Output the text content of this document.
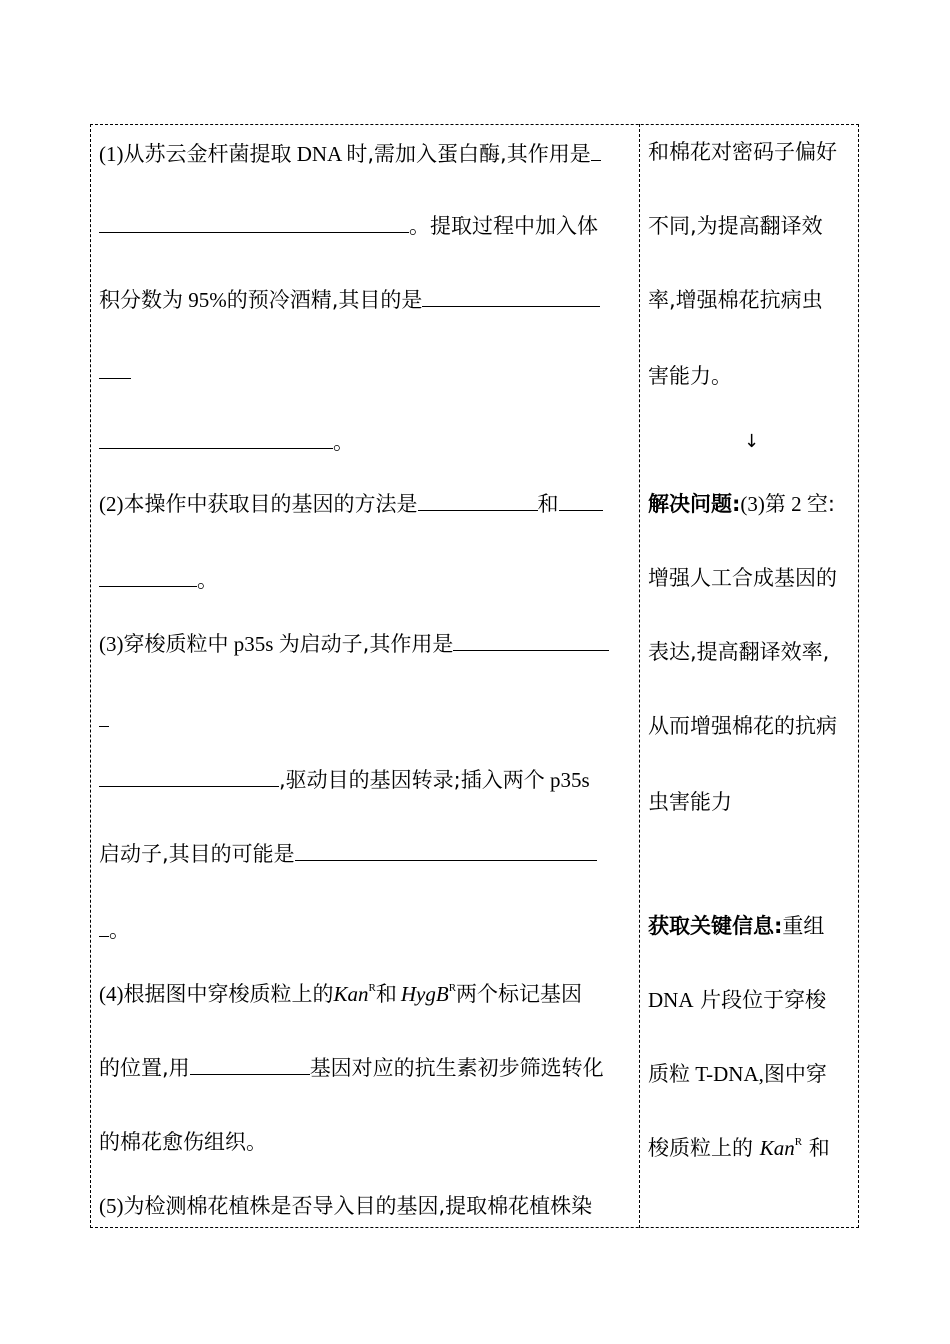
(1)从苏云金杆菌提取 DNA 时,需加入蛋白酶,其作用是
。提取过程中加入体
积分数为 95%的预冷酒精,其目的是
。
(2)本操作中获取目的基因的方法是	和
。
(3)穿梭质粒中 p35s 为启动子,其作用是
,驱动目的基因转录;插入两个 p35s
启动子,其目的可能是
。
(4)根据图中穿梭质粒上的Kan$^R$和 HygB$^R$两个标记基因
的位置,用	基因对应的抗生素初步筛选转化
的棉花愈伤组织。
(5)为检测棉花植株是否导入目的基因,提取棉花植株染
和棉花对密码子偏好
不同,为提高翻译效
率,增强棉花抗病虫
害能力。
↓
解决问题:(3)第 2 空:
增强人工合成基因的
表达,提高翻译效率,
从而增强棉花的抗病
虫害能力
获取关键信息:重组
DNA 片段位于穿梭
质粒 T-DNA,图中穿
梭质粒上的 Kan$^R$ 和
